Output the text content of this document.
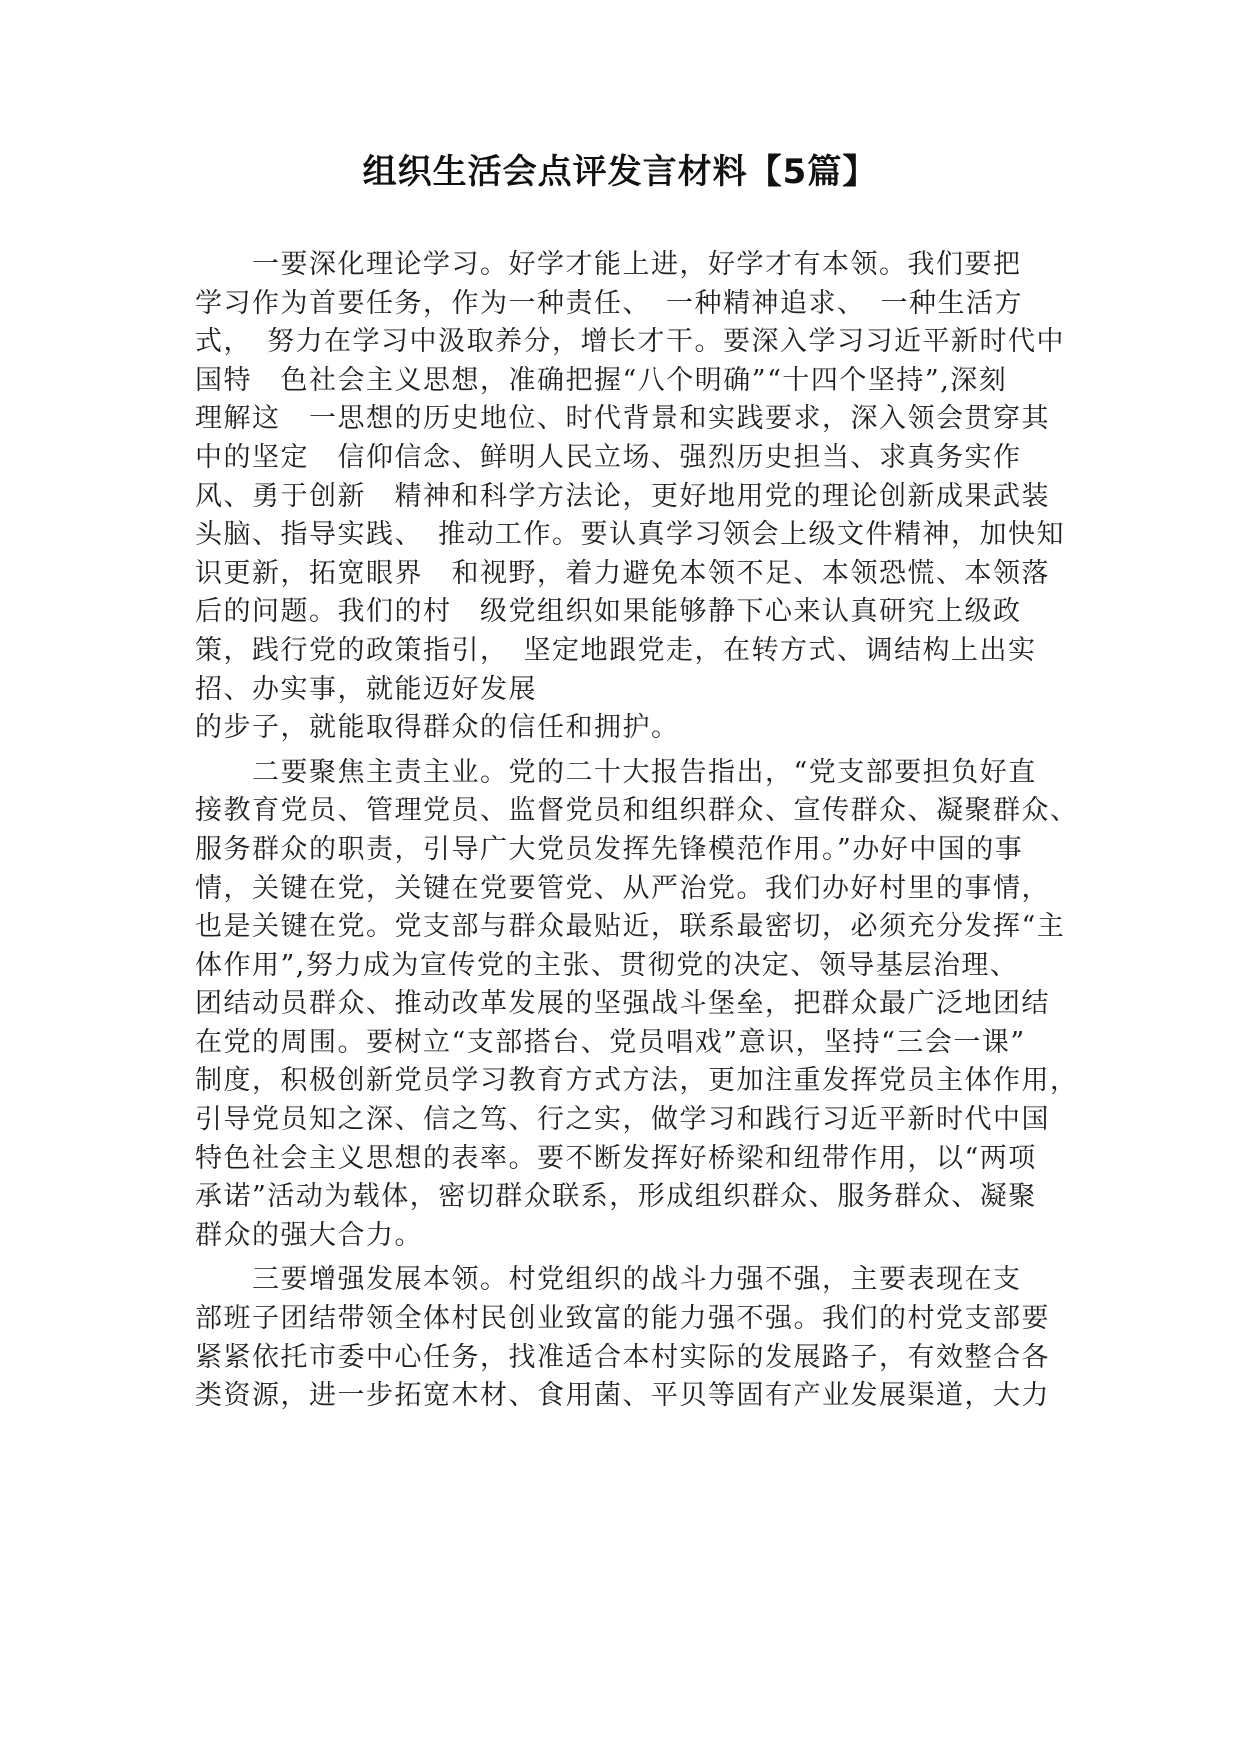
组织生活会点评发言材料【5篇】
　　一要深化理论学习。好学才能上进，好学才有本领。我们要把
学习作为首要任务，作为一种责任、　一种精神追求、　一种生活方
式，　努力在学习中汲取养分，增长才干。要深入学习习近平新时代中
国特　色社会主义思想，准确把握“八个明确”“十四个坚持”,深刻
理解这　一思想的历史地位、时代背景和实践要求，深入领会贯穿其
中的坚定　信仰信念、鲜明人民立场、强烈历史担当、求真务实作
风、勇于创新　精神和科学方法论，更好地用党的理论创新成果武装
头脑、指导实践、　推动工作。要认真学习领会上级文件精神，加快知
识更新，拓宽眼界　和视野，着力避免本领不足、本领恐慌、本领落
后的问题。我们的村　级党组织如果能够静下心来认真研究上级政
策，践行党的政策指引，　坚定地跟党走，在转方式、调结构上出实
招、办实事，就能迈好发展
的步子，就能取得群众的信任和拥护。
　　二要聚焦主责主业。党的二十大报告指出，“党支部要担负好直
接教育党员、管理党员、监督党员和组织群众、宣传群众、凝聚群众、
服务群众的职责，引导广大党员发挥先锋模范作用。”办好中国的事
情，关键在党，关键在党要管党、从严治党。我们办好村里的事情，
也是关键在党。党支部与群众最贴近，联系最密切，必须充分发挥“主
体作用”,努力成为宣传党的主张、贯彻党的决定、领导基层治理、
团结动员群众、推动改革发展的坚强战斗堡垒，把群众最广泛地团结
在党的周围。要树立“支部搭台、党员唱戏”意识，坚持“三会一课”
制度，积极创新党员学习教育方式方法，更加注重发挥党员主体作用，
引导党员知之深、信之笃、行之实，做学习和践行习近平新时代中国
特色社会主义思想的表率。要不断发挥好桥梁和纽带作用，以“两项
承诺”活动为载体，密切群众联系，形成组织群众、服务群众、凝聚
群众的强大合力。
　　三要增强发展本领。村党组织的战斗力强不强，主要表现在支
部班子团结带领全体村民创业致富的能力强不强。我们的村党支部要
紧紧依托市委中心任务，找准适合本村实际的发展路子，有效整合各
类资源，进一步拓宽木材、食用菌、平贝等固有产业发展渠道，大力
